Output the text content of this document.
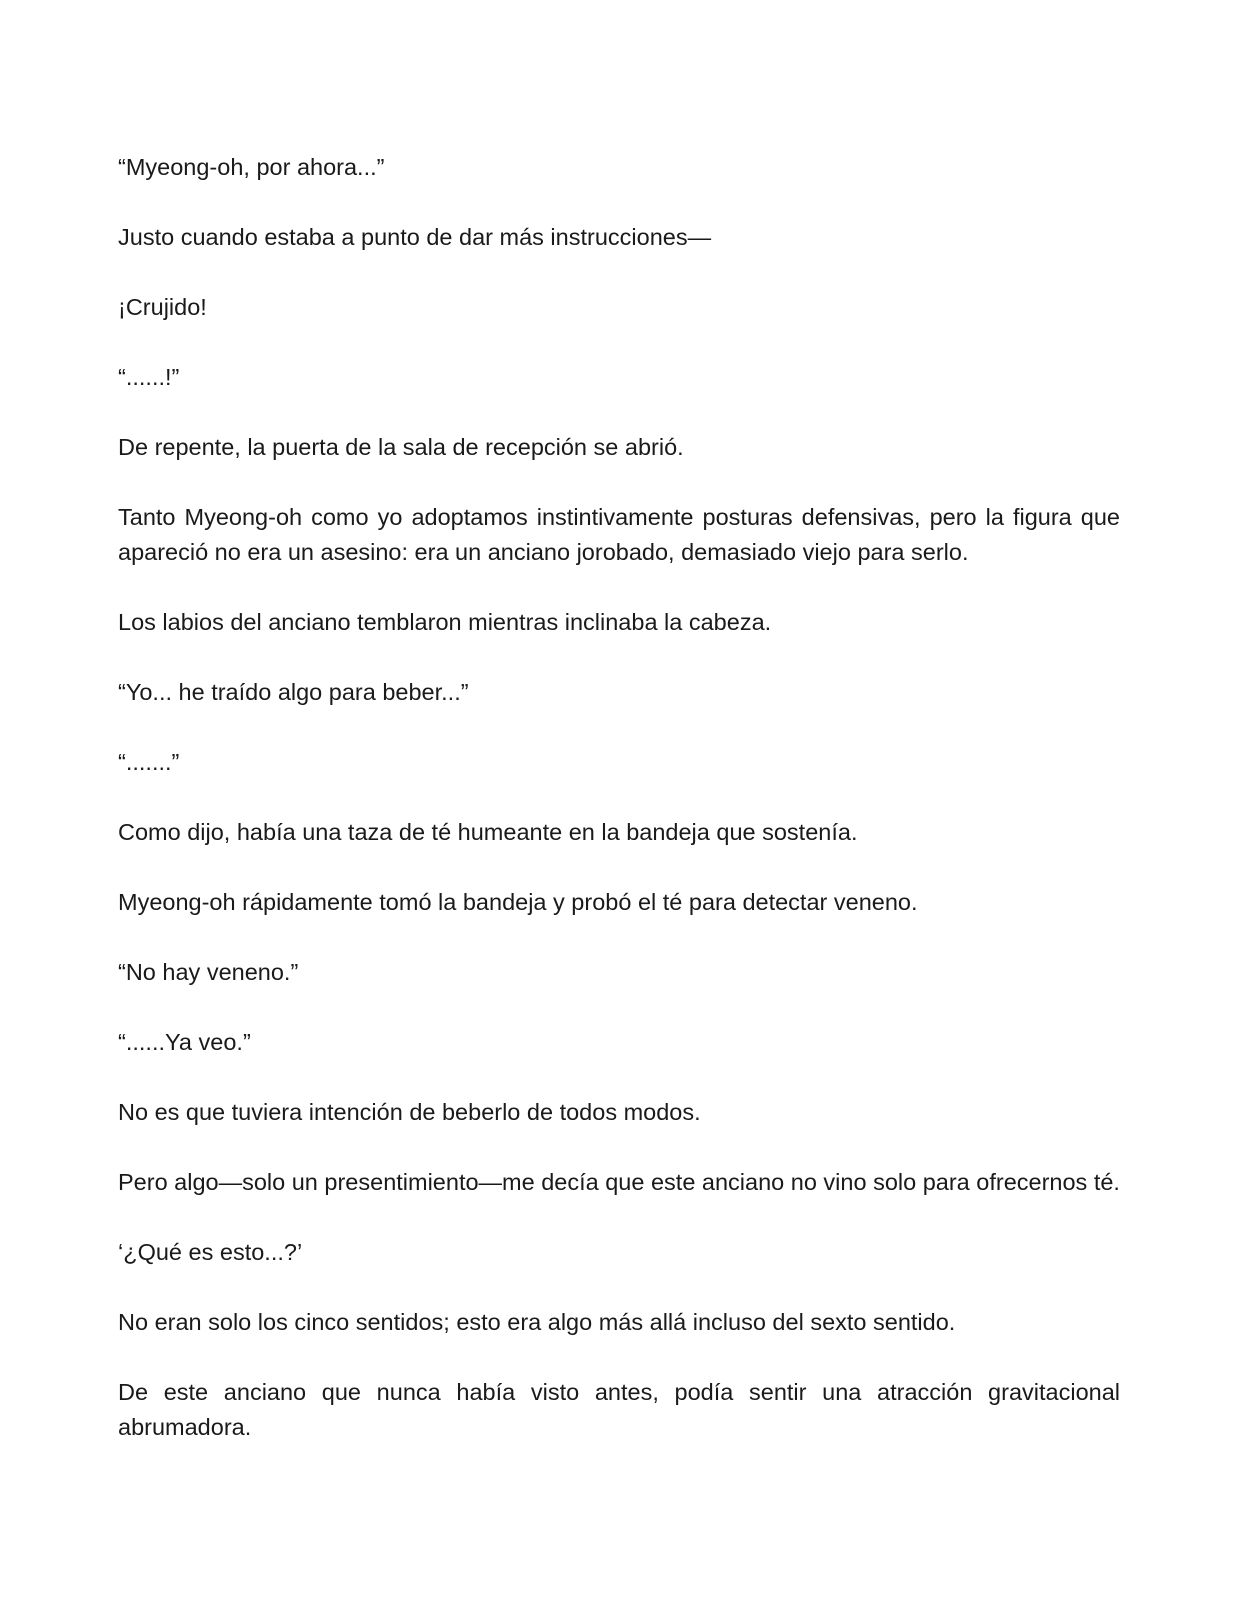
“Myeong-oh, por ahora...”

Justo cuando estaba a punto de dar más instrucciones—

¡Crujido!

“......!”

De repente, la puerta de la sala de recepción se abrió.

Tanto Myeong-oh como yo adoptamos instintivamente posturas defensivas, pero la figura que apareció no era un asesino: era un anciano jorobado, demasiado viejo para serlo.

Los labios del anciano temblaron mientras inclinaba la cabeza.

“Yo... he traído algo para beber...”

“.......”

Como dijo, había una taza de té humeante en la bandeja que sostenía.

Myeong-oh rápidamente tomó la bandeja y probó el té para detectar veneno.

“No hay veneno.”

“......Ya veo.”

No es que tuviera intención de beberlo de todos modos.

Pero algo—solo un presentimiento—me decía que este anciano no vino solo para ofrecernos té.

‘¿Qué es esto...?’

No eran solo los cinco sentidos; esto era algo más allá incluso del sexto sentido.

De este anciano que nunca había visto antes, podía sentir una atracción gravitacional abrumadora.
